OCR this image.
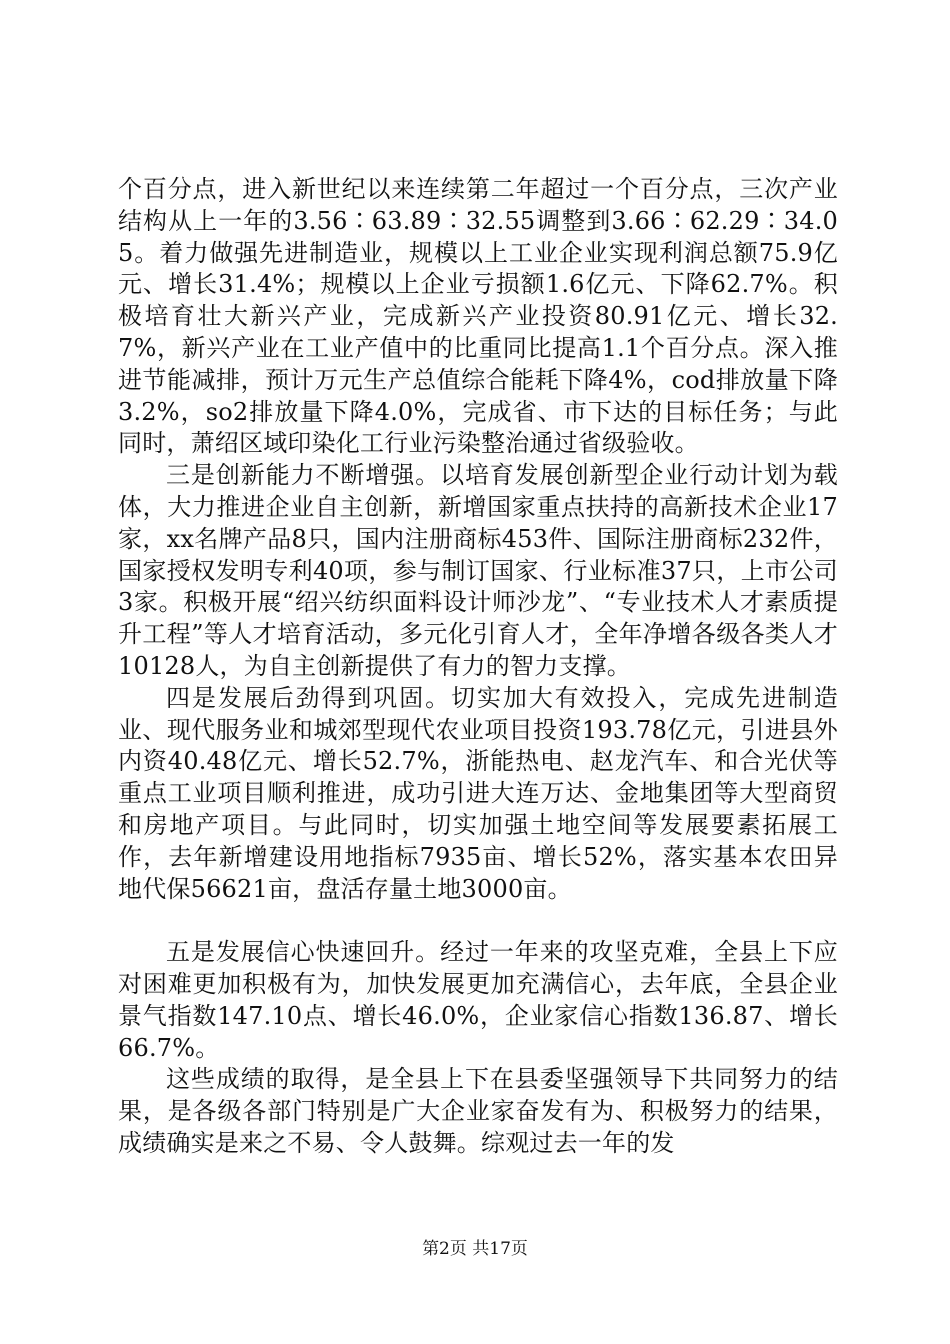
个百分点，进入新世纪以来连续第二年超过一个百分点，三次产业结构从上一年的3.56∶63.89∶32.55调整到3.66∶62.29∶34.05。着力做强先进制造业，规模以上工业企业实现利润总额75.9亿元、增长31.4%；规模以上企业亏损额1.6亿元、下降62.7%。积极培育壮大新兴产业，完成新兴产业投资80.91亿元、增长32.7%，新兴产业在工业产值中的比重同比提高1.1个百分点。深入推进节能减排，预计万元生产总值综合能耗下降4%，cod排放量下降3.2%，so2排放量下降4.0%，完成省、市下达的目标任务；与此同时，萧绍区域印染化工行业污染整治通过省级验收。

三是创新能力不断增强。以培育发展创新型企业行动计划为载体，大力推进企业自主创新，新增国家重点扶持的高新技术企业17家，xx名牌产品8只，国内注册商标453件、国际注册商标232件，国家授权发明专利40项，参与制订国家、行业标准37只，上市公司3家。积极开展“绍兴纺织面料设计师沙龙”、“专业技术人才素质提升工程”等人才培育活动，多元化引育人才，全年净增各级各类人才10128人，为自主创新提供了有力的智力支撑。

四是发展后劲得到巩固。切实加大有效投入，完成先进制造业、现代服务业和城郊型现代农业项目投资193.78亿元，引进县外内资40.48亿元、增长52.7%，浙能热电、赵龙汽车、和合光伏等重点工业项目顺利推进，成功引进大连万达、金地集团等大型商贸和房地产项目。与此同时，切实加强土地空间等发展要素拓展工作，去年新增建设用地指标7935亩、增长52%，落实基本农田异地代保56621亩，盘活存量土地3000亩。

五是发展信心快速回升。经过一年来的攻坚克难，全县上下应对困难更加积极有为，加快发展更加充满信心，去年底，全县企业景气指数147.10点、增长46.0%，企业家信心指数136.87、增长66.7%。

这些成绩的取得，是全县上下在县委坚强领导下共同努力的结果，是各级各部门特别是广大企业家奋发有为、积极努力的结果，成绩确实是来之不易、令人鼓舞。综观过去一年的发

第2页 共17页
